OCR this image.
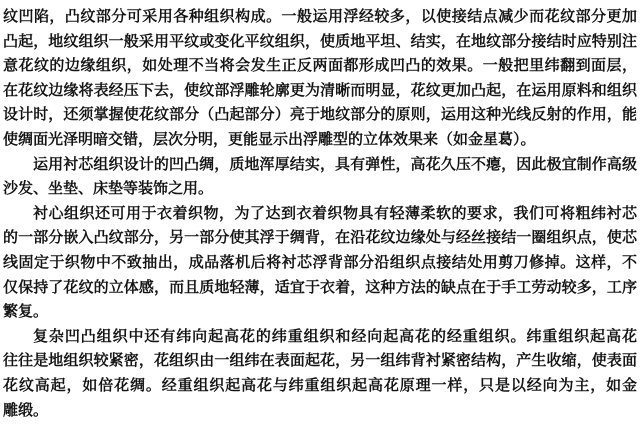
纹凹陷，凸纹部分可采用各种组织构成。一般运用浮经较多，以使接结点减少而花纹部分更加
凸起，地纹组织一般采用平纹或变化平纹组织，使质地平坦、结实，在地纹部分接结时应特别注
意花纹的边缘组织，如处理不当将会发生正反两面都形成凹凸的效果。一般把里纬翻到面层，
在花纹边缘将表经压下去，使纹部浮雕轮廓更为清晰而明显，花纹更加凸起，在运用原料和组织
设计时，还须掌握使花纹部分（凸起部分）亮于地纹部分的原则，运用这种光线反射的作用，能
使绸面光泽明暗交错，层次分明，更能显示出浮雕型的立体效果来（如金星葛）。
运用衬芯组织设计的凹凸绸，质地浑厚结实，具有弹性，高花久压不瘪，因此极宜制作高级
沙发、坐垫、床垫等装饰之用。
衬心组织还可用于衣着织物，为了达到衣着织物具有轻薄柔软的要求，我们可将粗纬衬芯
的一部分嵌入凸纹部分，另一部分使其浮于绸背，在沿花纹边缘处与经丝接结一圈组织点，使芯
线固定于织物中不致抽出，成品落机后将衬芯浮背部分沿组织点接结处用剪刀修掉。这样，不
仅保持了花纹的立体感，而且质地轻薄，适宜于衣着，这种方法的缺点在于手工劳动较多，工序
繁复。
复杂凹凸组织中还有纬向起高花的纬重组织和经向起高花的经重组织。纬重组织起高花
往往是地组织较紧密，花组织由一组纬在表面起花，另一组纬背衬紧密结构，产生收缩，使表面
花纹高起，如倍花绸。经重组织起高花与纬重组织起高花原理一样，只是以经向为主，如金
雕缎。
